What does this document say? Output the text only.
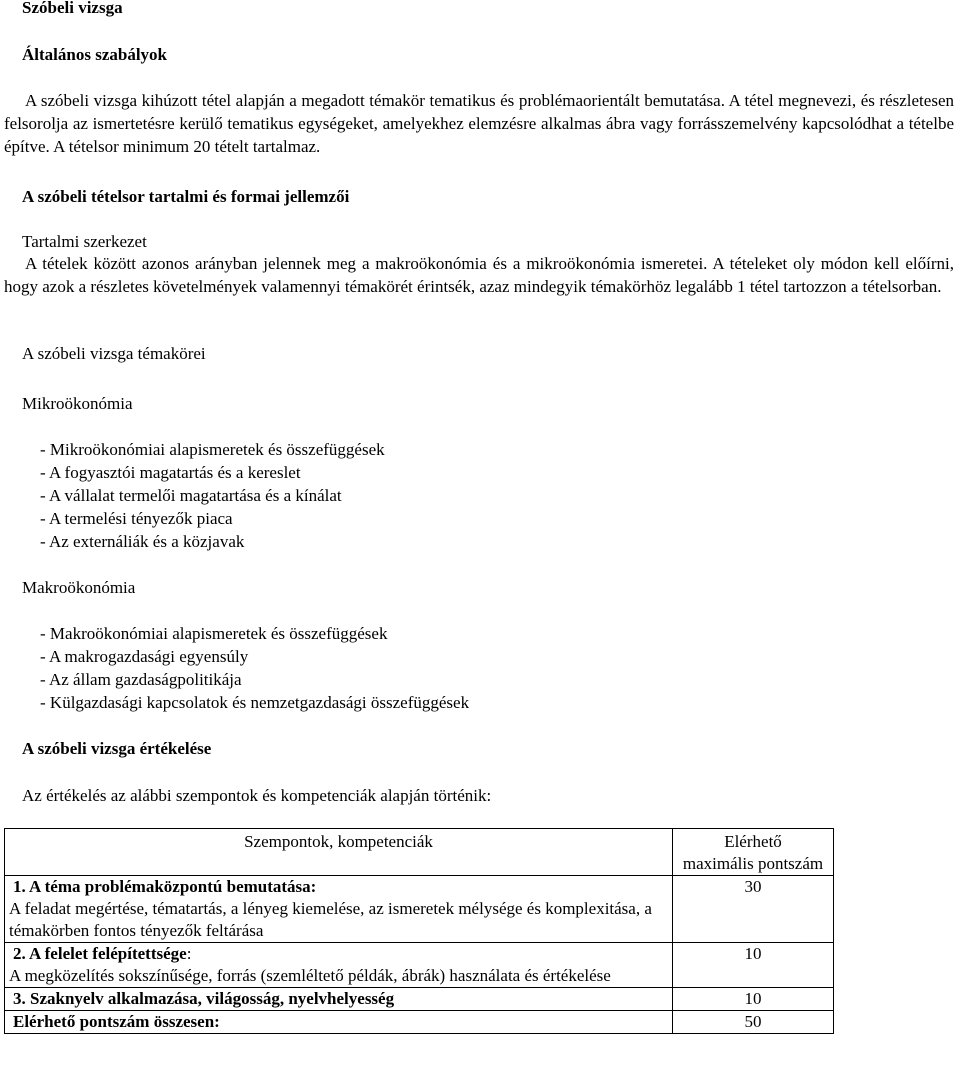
Szóbeli vizsga
Általános szabályok
A szóbeli vizsga kihúzott tétel alapján a megadott témakör tematikus és problémaorientált bemutatása. A tétel megnevezi, és részletesen felsorolja az ismertetésre kerülő tematikus egységeket, amelyekhez elemzésre alkalmas ábra vagy forrásszemelvény kapcsolódhat a tételbe építve. A tételsor minimum 20 tételt tartalmaz.
A szóbeli tételsor tartalmi és formai jellemzői
Tartalmi szerkezet
A tételek között azonos arányban jelennek meg a makroökonómia és a mikroökonómia ismeretei. A tételeket oly módon kell előírni, hogy azok a részletes követelmények valamennyi témakörét érintsék, azaz mindegyik témakörhöz legalább 1 tétel tartozzon a tételsorban.
A szóbeli vizsga témakörei
Mikroökonómia
- Mikroökonómiai alapismeretek és összefüggések
- A fogyasztói magatartás és a kereslet
- A vállalat termelői magatartása és a kínálat
- A termelési tényezők piaca
- Az externáliák és a közjavak
Makroökonómia
- Makroökonómiai alapismeretek és összefüggések
- A makrogazdasági egyensúly
- Az állam gazdaságpolitikája
- Külgazdasági kapcsolatok és nemzetgazdasági összefüggések
A szóbeli vizsga értékelése
Az értékelés az alábbi szempontok és kompetenciák alapján történik:
Szempontok, kompetenciák	Elérhető
maximális pontszám

1. A téma problémaközpontú bemutatása:
A feladat megértése, tématartás, a lényeg kiemelése, az ismeretek mélysége és komplexitása, a témakörben fontos tényezők feltárása	30

2. A felelet felépítettsége:
A megközelítés sokszínűsége, forrás (szemléltető példák, ábrák) használata és értékelése	10

3. Szaknyelv alkalmazása, világosság, nyelvhelyesség	10

Elérhető pontszám összesen:	50
